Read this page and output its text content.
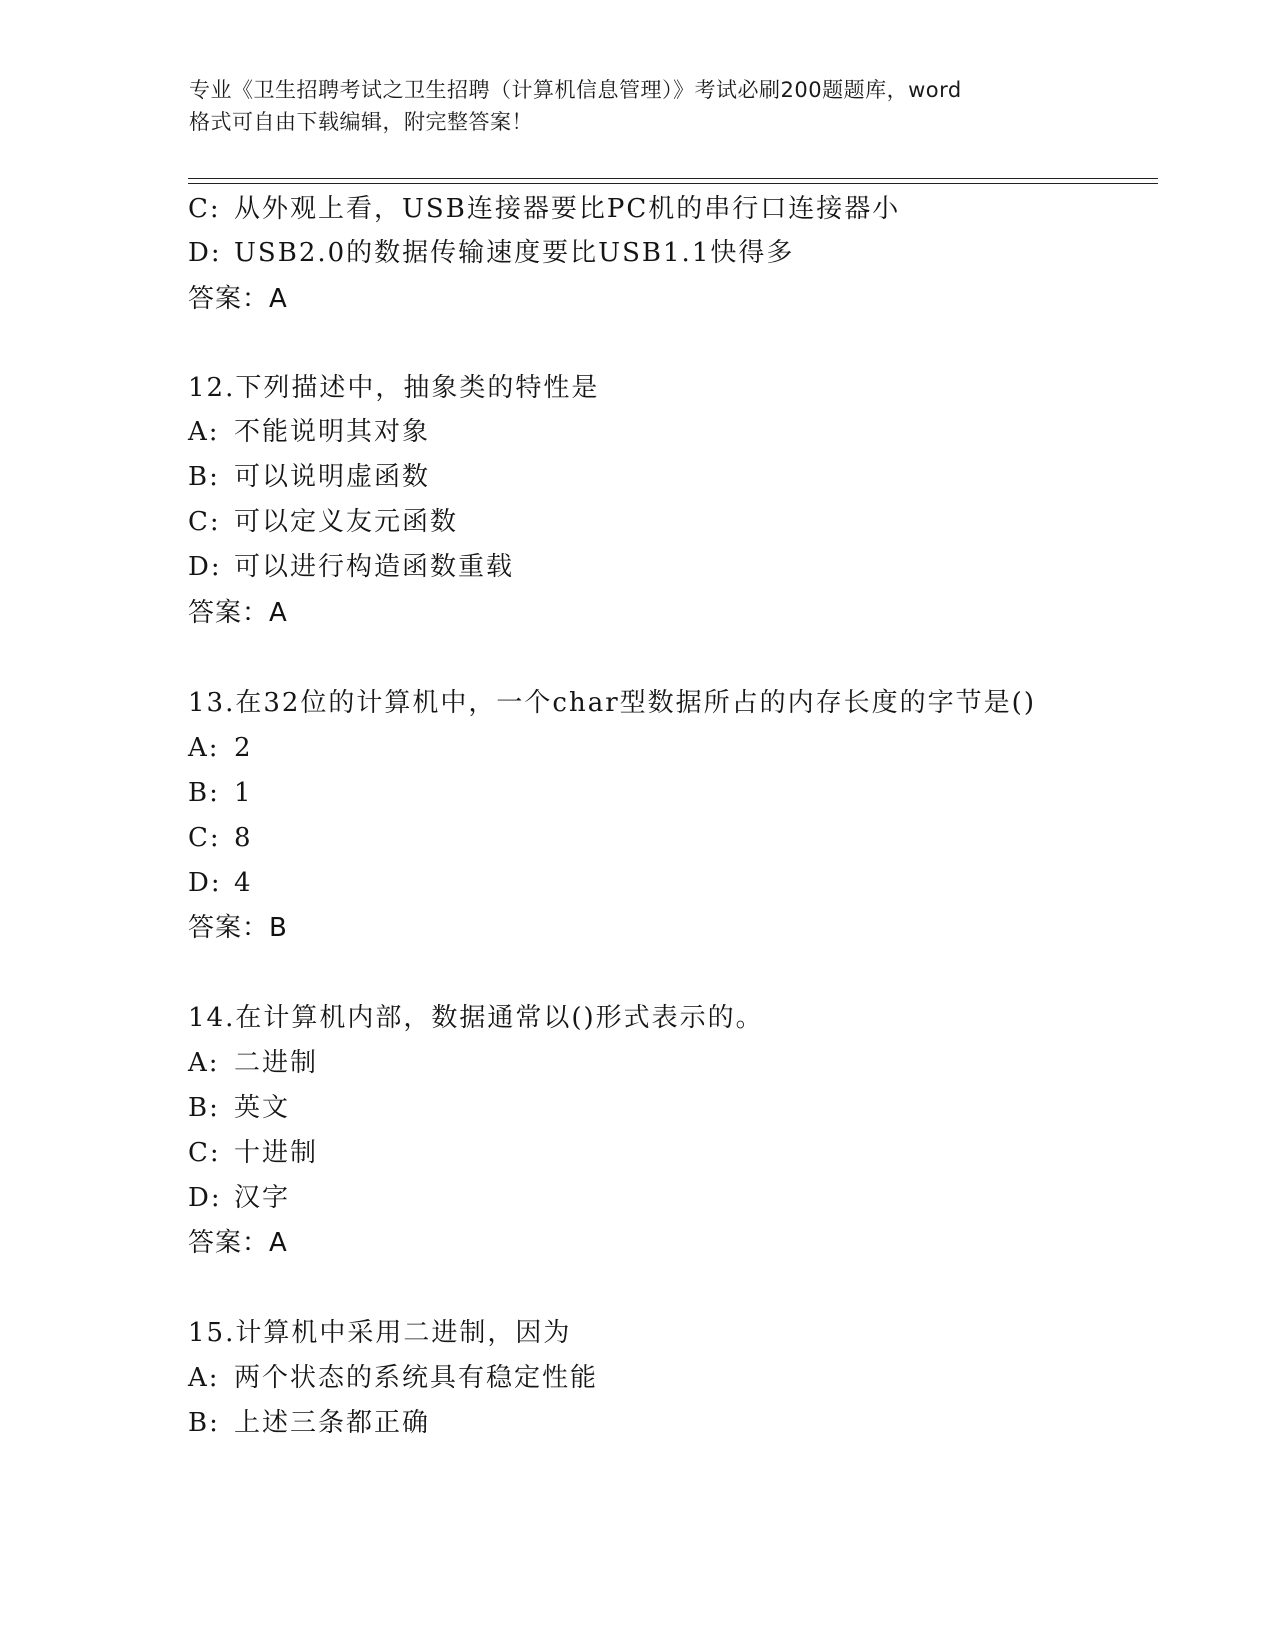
专业《卫生招聘考试之卫生招聘（计算机信息管理）》考试必刷200题题库，word
格式可自由下载编辑，附完整答案！
C: 从外观上看，USB连接器要比PC机的串行口连接器小
D: USB2.0的数据传输速度要比USB1.1快得多
答案：A
12.下列描述中，抽象类的特性是
A: 不能说明其对象
B: 可以说明虚函数
C: 可以定义友元函数
D: 可以进行构造函数重载
答案：A
13.在32位的计算机中，一个char型数据所占的内存长度的字节是()
A: 2
B: 1
C: 8
D: 4
答案：B
14.在计算机内部，数据通常以()形式表示的。
A: 二进制
B: 英文
C: 十进制
D: 汉字
答案：A
15.计算机中采用二进制，因为
A: 两个状态的系统具有稳定性能
B: 上述三条都正确
